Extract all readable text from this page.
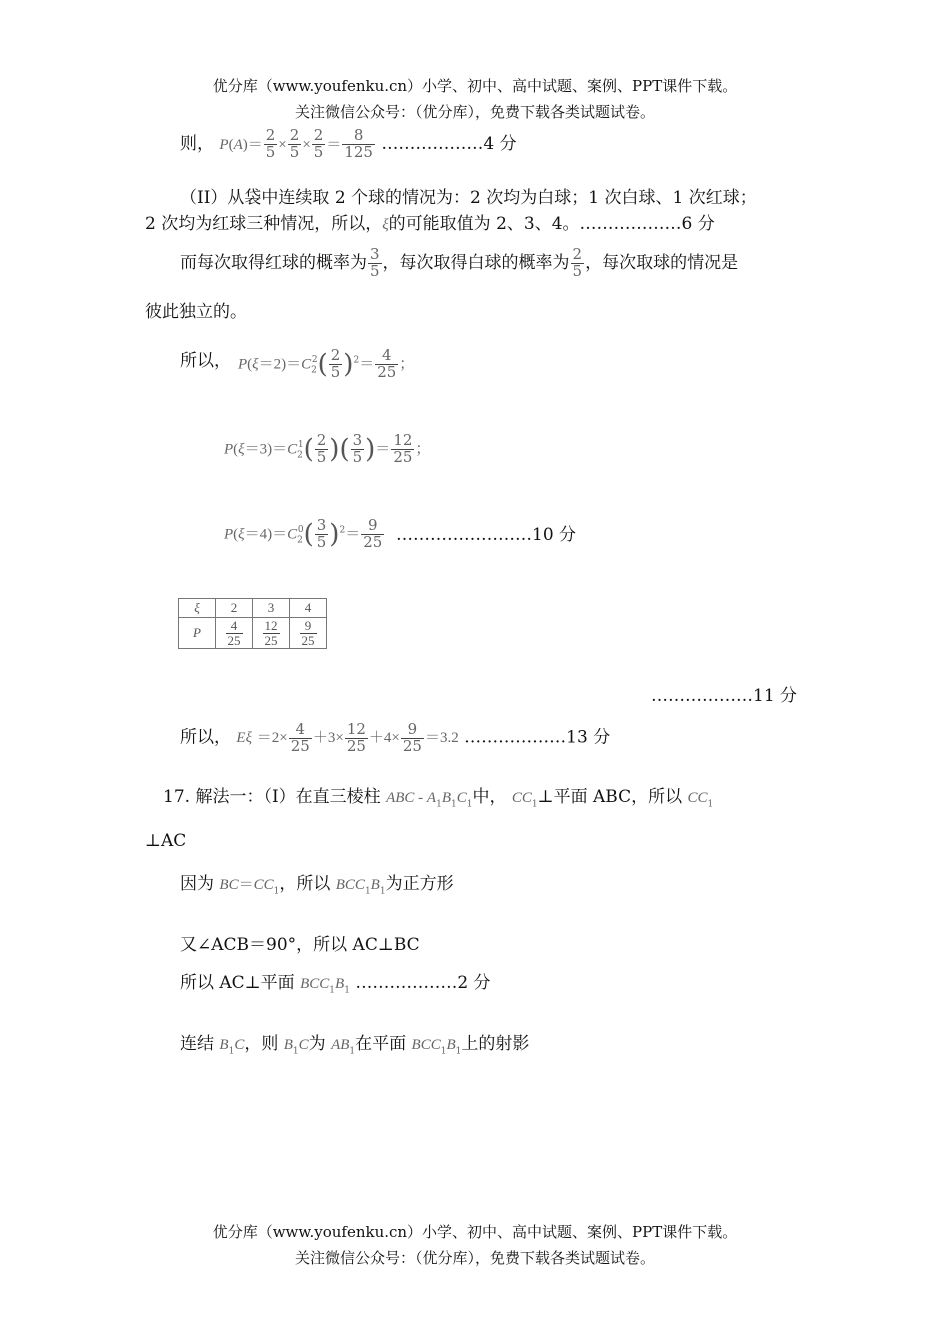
优分库（www.youfenku.cn）小学、初中、高中试题、案例、PPT课件下载。
关注微信公众号：（优分库），免费下载各类试题试卷。
则， $P(A)= \frac{2}{5} \times \frac{2}{5} \times \frac{2}{5} = \frac{8}{125}$ ………………4 分
（II）从袋中连续取 2 个球的情况为：2 次均为白球；1 次白球、1 次红球；
2 次均为红球三种情况，所以，ξ的可能取值为 2、3、4。………………6 分
而每次取得红球的概率为 $\frac{3}{5}$ ，每次取得白球的概率为 $\frac{2}{5}$ ，每次取球的情况是
彼此独立的。
所以， $P(\xi=2)=C_2^2( \frac{2}{5} )^2= \frac{4}{25}$ ；
$P(\xi=3)=C_2^1( \frac{2}{5}$ )( $\frac{3}{5}$ )＝ $\frac{12}{25}$ ；
$P(\xi=4)=C_2^0( \frac{3}{5} )^2= \frac{9}{25}$ ……………………10 分
ξ	2	3	4
P	$\frac{4}{25}$	$\frac{12}{25}$	$\frac{9}{25}$
………………11 分
所以， $E\xi =2\times \frac{4}{25} +3\times \frac{12}{25} +4\times \frac{9}{25} =3.2$ ………………13 分
17. 解法一：（I）在直三棱柱 ABC - $A_1B_1C_1$中， $CC_1\perp$平面 ABC，所以 $CC_1$
⊥AC
因为 $BC=CC_1$，所以 $BCC_1B_1$为正方形
又∠ACB＝90°，所以 AC⊥BC
所以 AC⊥平面 $BCC_1B_1$ ………………2 分
连结 $B_1C$，则 $B_1C$为 $AB_1$在平面 $BCC_1B_1$上的射影
优分库（www.youfenku.cn）小学、初中、高中试题、案例、PPT课件下载。
关注微信公众号：（优分库），免费下载各类试题试卷。
